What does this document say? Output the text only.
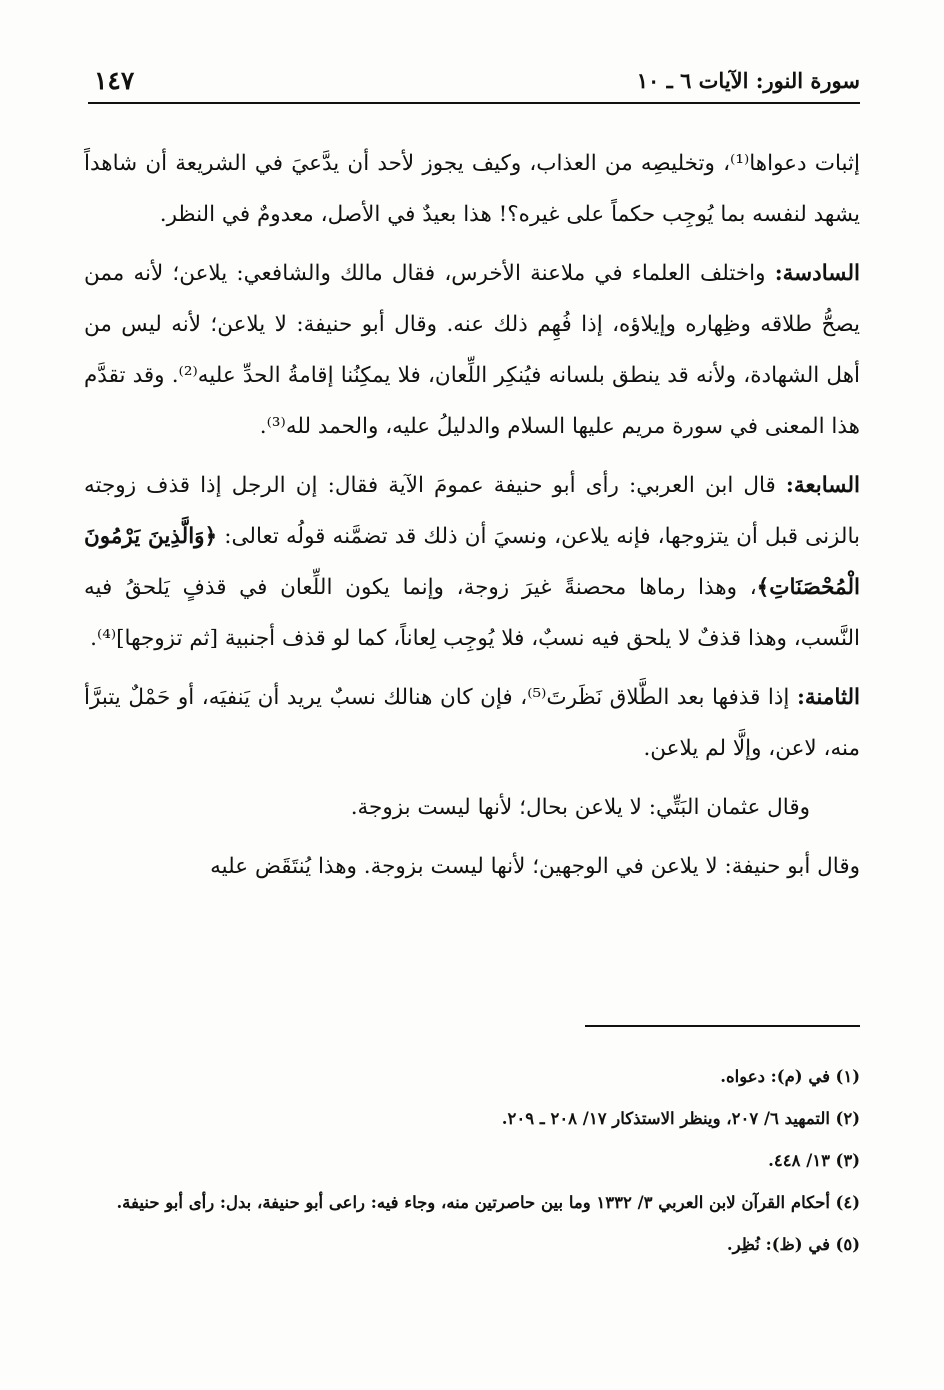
سورة النور: الآيات ٦ ـ ١٠
١٤٧

إثبات دعواها⁽¹⁾، وتخليصِه من العذاب، وكيف يجوز لأحد أن يدَّعيَ في الشريعة أن شاهداً يشهد لنفسه بما يُوجِب حكماً على غيره؟! هذا بعيدٌ في الأصل، معدومٌ في النظر.

السادسة: واختلف العلماء في ملاعنة الأخرس، فقال مالك والشافعي: يلاعن؛ لأنه ممن يصحُّ طلاقه وظِهاره وإيلاؤه، إذا فُهِم ذلك عنه. وقال أبو حنيفة: لا يلاعن؛ لأنه ليس من أهل الشهادة، ولأنه قد ينطق بلسانه فيُنكِر اللِّعان، فلا يمكِنُنا إقامةُ الحدِّ عليه⁽²⁾. وقد تقدَّم هذا المعنى في سورة مريم عليها السلام والدليلُ عليه، والحمد لله⁽³⁾.

السابعة: قال ابن العربي: رأى أبو حنيفة عمومَ الآية فقال: إن الرجل إذا قذف زوجته بالزنى قبل أن يتزوجها، فإنه يلاعن، ونسيَ أن ذلك قد تضمَّنه قولُه تعالى: ﴿وَالَّذِينَ يَرْمُونَ الْمُحْصَنَاتِ﴾، وهذا رماها محصنةً غيرَ زوجة، وإنما يكون اللِّعان في قذفٍ يَلحقُ فيه النَّسب، وهذا قذفٌ لا يلحق فيه نسبٌ، فلا يُوجِب لِعاناً، كما لو قذف أجنبية [ثم تزوجها]⁽⁴⁾.

الثامنة: إذا قذفها بعد الطَّلاق نَظَرتَ⁽⁵⁾، فإن كان هنالك نسبٌ يريد أن يَنفيَه، أو حَمْلٌ يتبرَّأ منه، لاعن، وإلَّا لم يلاعن.

وقال عثمان البَتِّي: لا يلاعن بحال؛ لأنها ليست بزوجة.

وقال أبو حنيفة: لا يلاعن في الوجهين؛ لأنها ليست بزوجة. وهذا يُنتَقَض عليه

(١)
في (م): دعواه.

(٢)
التمهيد ٦/ ٢٠٧، وينظر الاستذكار ١٧/ ٢٠٨ ـ ٢٠٩.

(٣)
١٣/ ٤٤٨.

(٤)
أحكام القرآن لابن العربي ٣/ ١٣٣٢ وما بين حاصرتين منه، وجاء فيه: راعى أبو حنيفة، بدل: رأى أبو حنيفة.

(٥)
في (ظ): نُظِر.
